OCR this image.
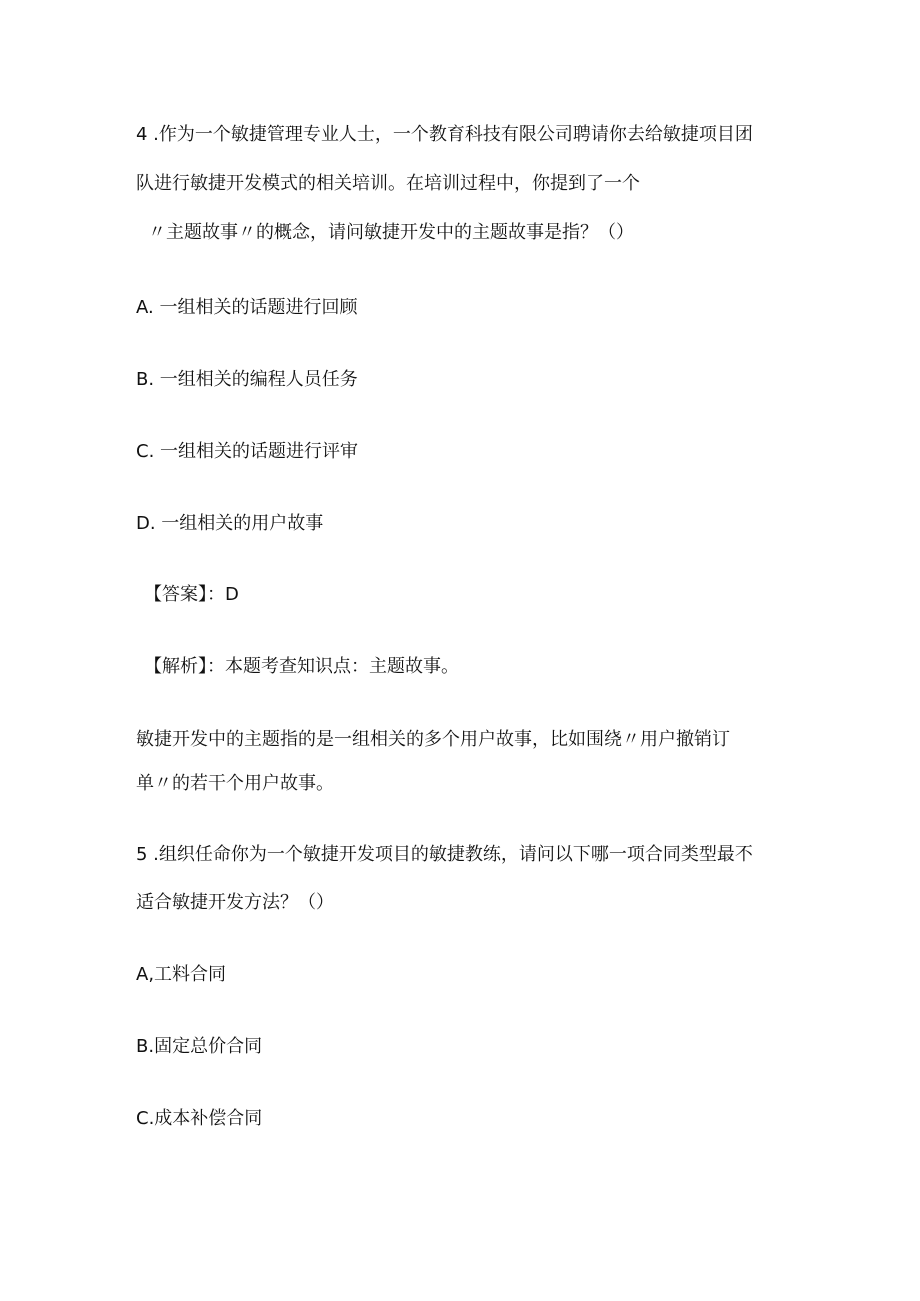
4 .作为一个敏捷管理专业人士，一个教育科技有限公司聘请你去给敏捷项目团
队进行敏捷开发模式的相关培训。在培训过程中，你提到了一个
〃主题故事〃的概念，请问敏捷开发中的主题故事是指？（）
A. 一组相关的话题进行回顾
B. 一组相关的编程人员任务
C. 一组相关的话题进行评审
D. 一组相关的用户故事
【答案】：D
【解析】：本题考查知识点：主题故事。
敏捷开发中的主题指的是一组相关的多个用户故事，比如围绕〃用户撤销订
单〃的若干个用户故事。
5 .组织任命你为一个敏捷开发项目的敏捷教练，请问以下哪一项合同类型最不
适合敏捷开发方法？（）
A,工料合同
B.固定总价合同
C.成本补偿合同
